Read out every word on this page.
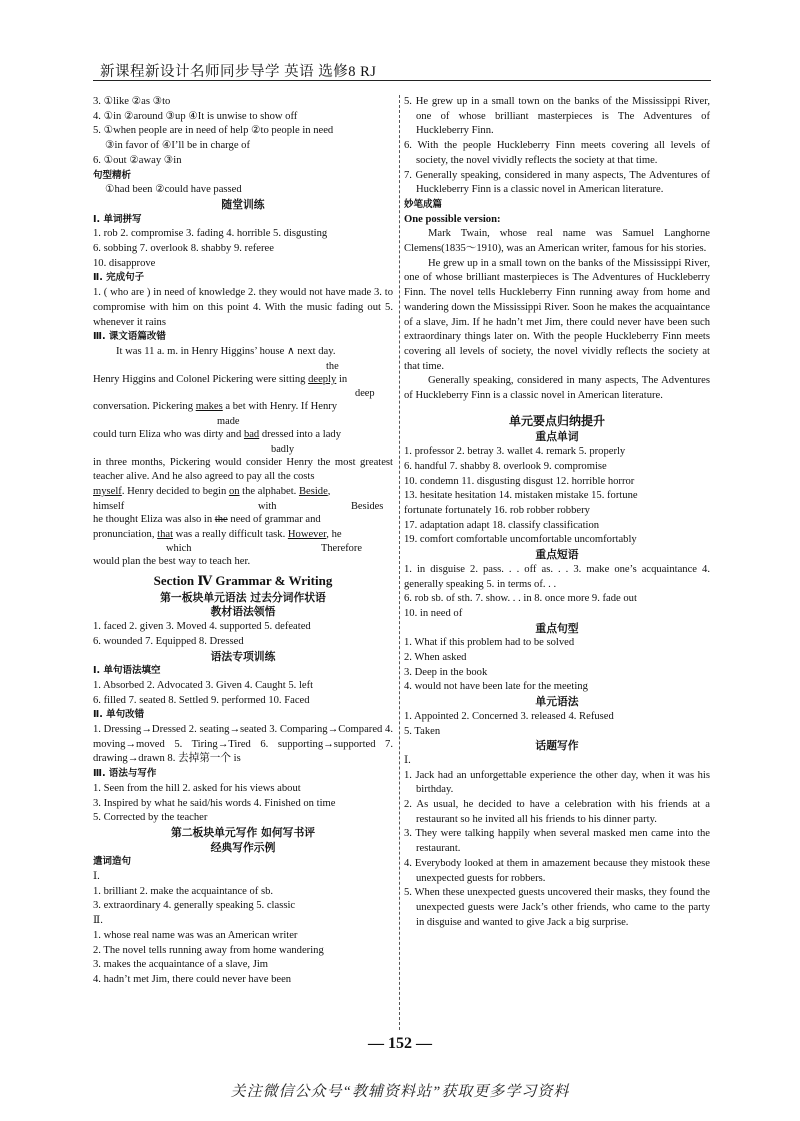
新课程新设计名师同步导学 英语 选修8 RJ
3. ①like ②as ③to
4. ①in ②around ③up ④It is unwise to show off
5. ①when people are in need of help ②to people in need
③in favor of ④I’ll be in charge of
6. ①out ②away ③in
句型精析
①had been ②could have passed
随堂训练
Ⅰ. 单词拼写
1. rob 2. compromise 3. fading 4. horrible 5. disgusting
6. sobbing 7. overlook 8. shabby 9. referee
10. disapprove
Ⅱ. 完成句子
1. ( who are ) in need of knowledge 2. they would not have made 3. to compromise with him on this point 4. With the music fading out 5. whenever it rains
Ⅲ. 课文语篇改错
It was 11 a. m. in Henry Higgins’ house ∧ next day.
the
Henry Higgins and Colonel Pickering were sitting deeply in
deep
conversation. Pickering makes a bet with Henry. If Henry
made
could turn Eliza who was dirty and bad dressed into a lady
badly
in three months, Pickering would consider Henry the most greatest teacher alive. And he also agreed to pay all the costs
myself. Henry decided to begin on the alphabet. Beside,
himself	with	Besides
he thought Eliza was also in the need of grammar and
pronunciation, that was a really difficult task. However, he
which	Therefore
would plan the best way to teach her.
Section Ⅳ Grammar & Writing
第一板块单元语法 过去分词作状语
教材语法领悟
1. faced 2. given 3. Moved 4. supported 5. defeated
6. wounded 7. Equipped 8. Dressed
语法专项训练
Ⅰ. 单句语法填空
1. Absorbed 2. Advocated 3. Given 4. Caught 5. left
6. filled 7. seated 8. Settled 9. performed 10. Faced
Ⅱ. 单句改错
1. Dressing→Dressed 2. seating→seated 3. Comparing→Compared 4. moving→moved 5. Tiring→Tired 6. supporting→supported 7. drawing→drawn 8. 去掉第一个 is
Ⅲ. 语法与写作
1. Seen from the hill 2. asked for his views about
3. Inspired by what he said/his words 4. Finished on time
5. Corrected by the teacher
第二板块单元写作 如何写书评
经典写作示例
遣词造句
Ⅰ.
1. brilliant 2. make the acquaintance of sb.
3. extraordinary 4. generally speaking 5. classic
Ⅱ.
1. whose real name was was an American writer
2. The novel tells running away from home wandering
3. makes the acquaintance of a slave, Jim
4. hadn’t met Jim, there could never have been
5. He grew up in a small town on the banks of the Mississippi River, one of whose brilliant masterpieces is The Adventures of Huckleberry Finn.
6. With the people Huckleberry Finn meets covering all levels of society, the novel vividly reflects the society at that time.
7. Generally speaking, considered in many aspects, The Adventures of Huckleberry Finn is a classic novel in American literature.
妙笔成篇
One possible version:
Mark Twain, whose real name was Samuel Langhorne Clemens(1835～1910), was an American writer, famous for his stories.
He grew up in a small town on the banks of the Mississippi River, one of whose brilliant masterpieces is The Adventures of Huckleberry Finn. The novel tells Huckleberry Finn running away from home and wandering down the Mississippi River. Soon he makes the acquaintance of a slave, Jim. If he hadn’t met Jim, there could never have been such extraordinary things later on. With the people Huckleberry Finn meets covering all levels of society, the novel vividly reflects the society at that time.
Generally speaking, considered in many aspects, The Adventures of Huckleberry Finn is a classic novel in American literature.
单元要点归纳提升
重点单词
1. professor 2. betray 3. wallet 4. remark 5. properly
6. handful 7. shabby 8. overlook 9. compromise
10. condemn 11. disgusting disgust 12. horrible horror
13. hesitate hesitation 14. mistaken mistake 15. fortune
fortunate fortunately 16. rob robber robbery
17. adaptation adapt 18. classify classification
19. comfort comfortable uncomfortable uncomfortably
重点短语
1. in disguise 2. pass. . . off as. . . 3. make one’s acquaintance 4. generally speaking 5. in terms of. . .
6. rob sb. of sth. 7. show. . . in 8. once more 9. fade out
10. in need of
重点句型
1. What if this problem had to be solved
2. When asked
3. Deep in the book
4. would not have been late for the meeting
单元语法
1. Appointed 2. Concerned 3. released 4. Refused
5. Taken
话题写作
Ⅰ.
1. Jack had an unforgettable experience the other day, when it was his birthday.
2. As usual, he decided to have a celebration with his friends at a restaurant so he invited all his friends to his dinner party.
3. They were talking happily when several masked men came into the restaurant.
4. Everybody looked at them in amazement because they mistook these unexpected guests for robbers.
5. When these unexpected guests uncovered their masks, they found the unexpected guests were Jack’s other friends, who came to the party in disguise and wanted to give Jack a big surprise.
— 152 —
关注微信公众号“教辅资料站”获取更多学习资料
